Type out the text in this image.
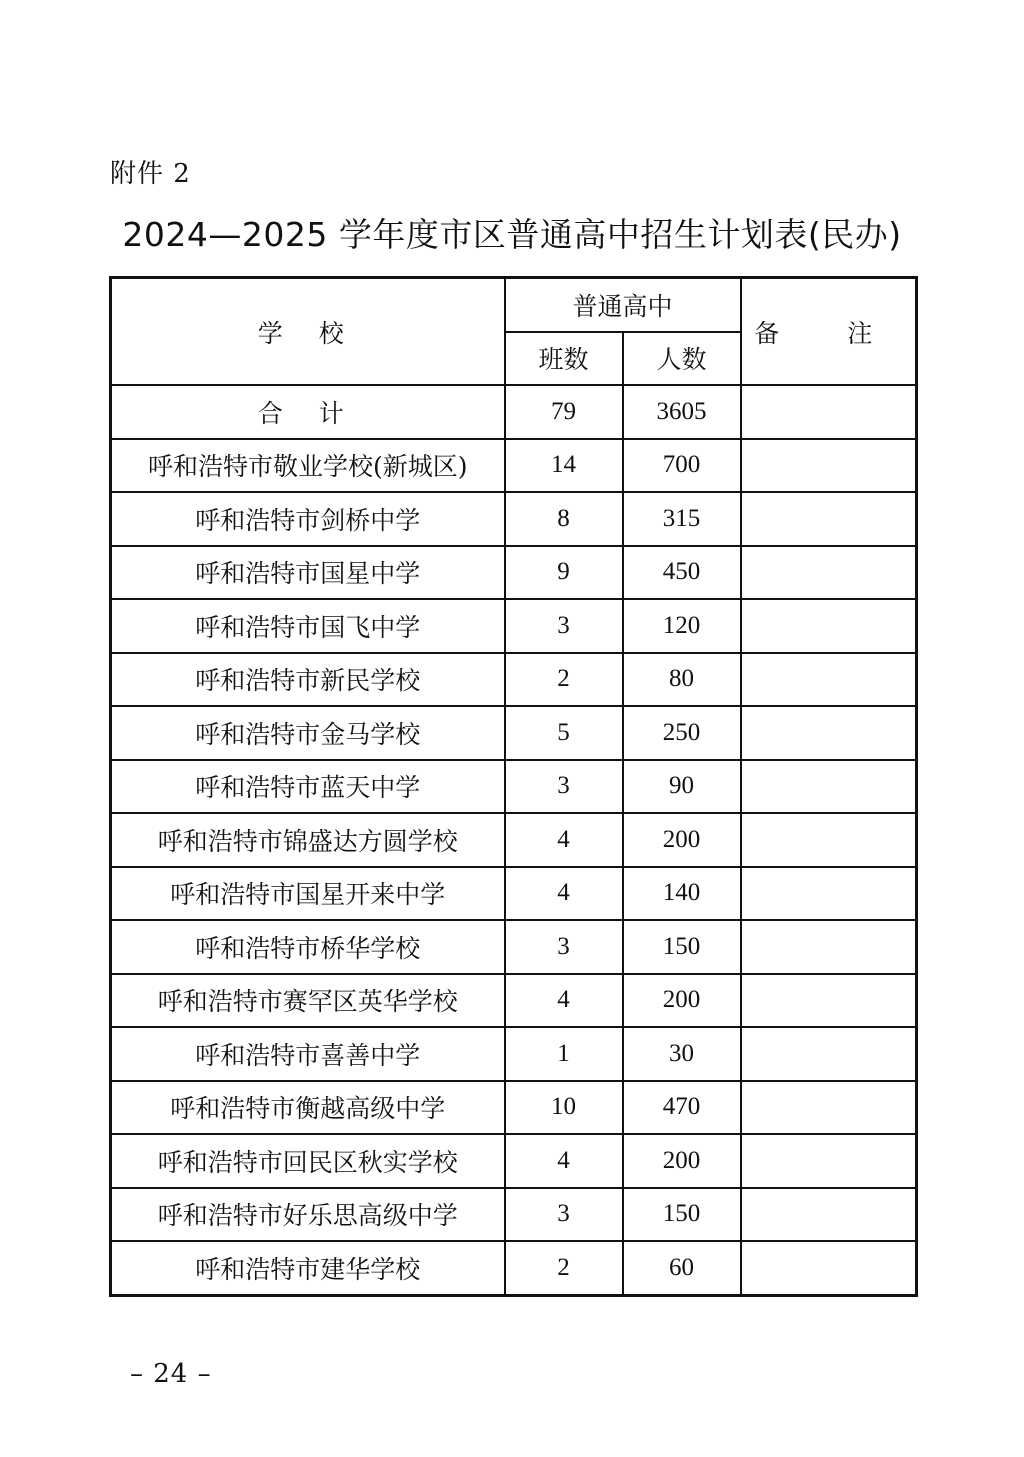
附件 2
2024—2025 学年度市区普通高中招生计划表(民办)
学 校	普通高中		备 注
	班数	人数	
合 计	79	3605	
呼和浩特市敬业学校(新城区)	14	700	
呼和浩特市剑桥中学	8	315	
呼和浩特市国星中学	9	450	
呼和浩特市国飞中学	3	120	
呼和浩特市新民学校	2	80	
呼和浩特市金马学校	5	250	
呼和浩特市蓝天中学	3	90	
呼和浩特市锦盛达方圆学校	4	200	
呼和浩特市国星开来中学	4	140	
呼和浩特市桥华学校	3	150	
呼和浩特市赛罕区英华学校	4	200	
呼和浩特市喜善中学	1	30	
呼和浩特市衡越高级中学	10	470	
呼和浩特市回民区秋实学校	4	200	
呼和浩特市好乐思高级中学	3	150	
呼和浩特市建华学校	2	60	
– 24 –
